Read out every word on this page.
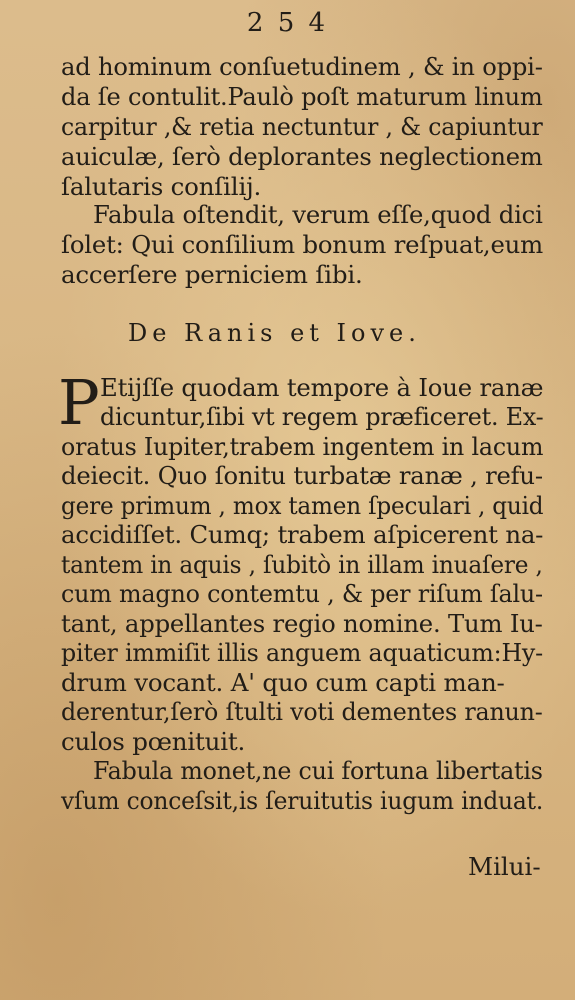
2 5 4
ad hominum conſuetudinem , & in oppi-
da ſe contulit.Paulò poſt maturum linum
carpitur ,& retia nectuntur , & capiuntur
auiculæ, ſerò deplorantes neglectionem
ſalutaris conſilij.
Fabula oſtendit, verum eſſe,quod dici
ſolet: Qui conſilium bonum reſpuat,eum
accerſere perniciem ſibi.
De Ranis et Iove.
P Etijſſe quodam tempore à Ioue ranæ
dicuntur,ſibi vt regem præficeret. Ex-
oratus Iupiter,trabem ingentem in lacum
deiecit. Quo ſonitu turbatæ ranæ , refu-
gere primum , mox tamen ſpeculari , quid
accidiſſet. Cumq; trabem aſpicerent na-
tantem in aquis , ſubitò in illam inuaſere ,
cum magno contemtu , & per riſum ſalu-
tant, appellantes regio nomine. Tum Iu-
piter immiſit illis anguem aquaticum:Hy-
drum vocant. A' quo cum capti man-
derentur,ſerò ſtulti voti dementes ranun-
culos pœnituit.
Fabula monet,ne cui fortuna libertatis
vſum conceſsit,is ſeruitutis iugum induat.
Milui-
